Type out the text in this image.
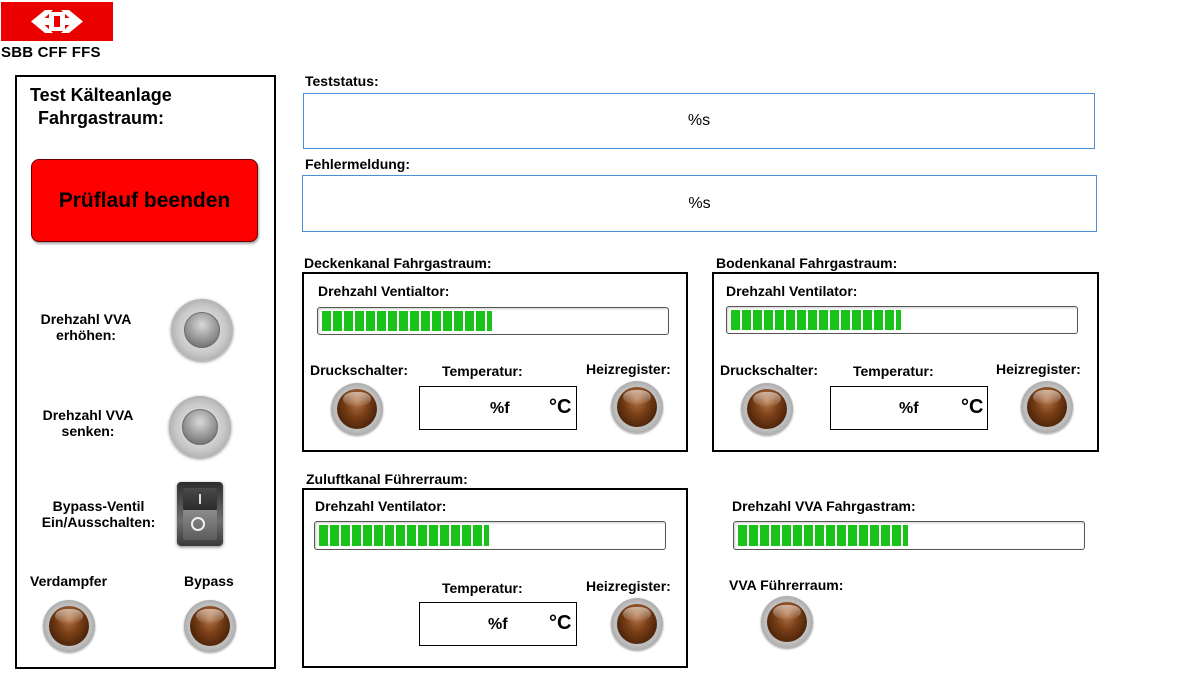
SBB CFF FFS
Test Kälteanlage
Fahrgastraum:
Prüflauf beenden
Drehzahl VVA
erhöhen:
Drehzahl VVA
senken:
Bypass-Ventil
Ein/Ausschalten:
Verdampfer	Bypass
Teststatus:
%s
Fehlermeldung:
%s
Deckenkanal Fahrgastraum:
Drehzahl Ventialtor:
Druckschalter: Temperatur:
%f °C
Heizregister:
Bodenkanal Fahrgastraum:
Drehzahl Ventilator:
Druckschalter: Temperatur:
%f °C
Heizregister:
Zuluftkanal Führerraum:
Drehzahl Ventilator:
Temperatur:
%f °C
Heizregister:
Drehzahl VVA Fahrgastram:
VVA Führerraum:
